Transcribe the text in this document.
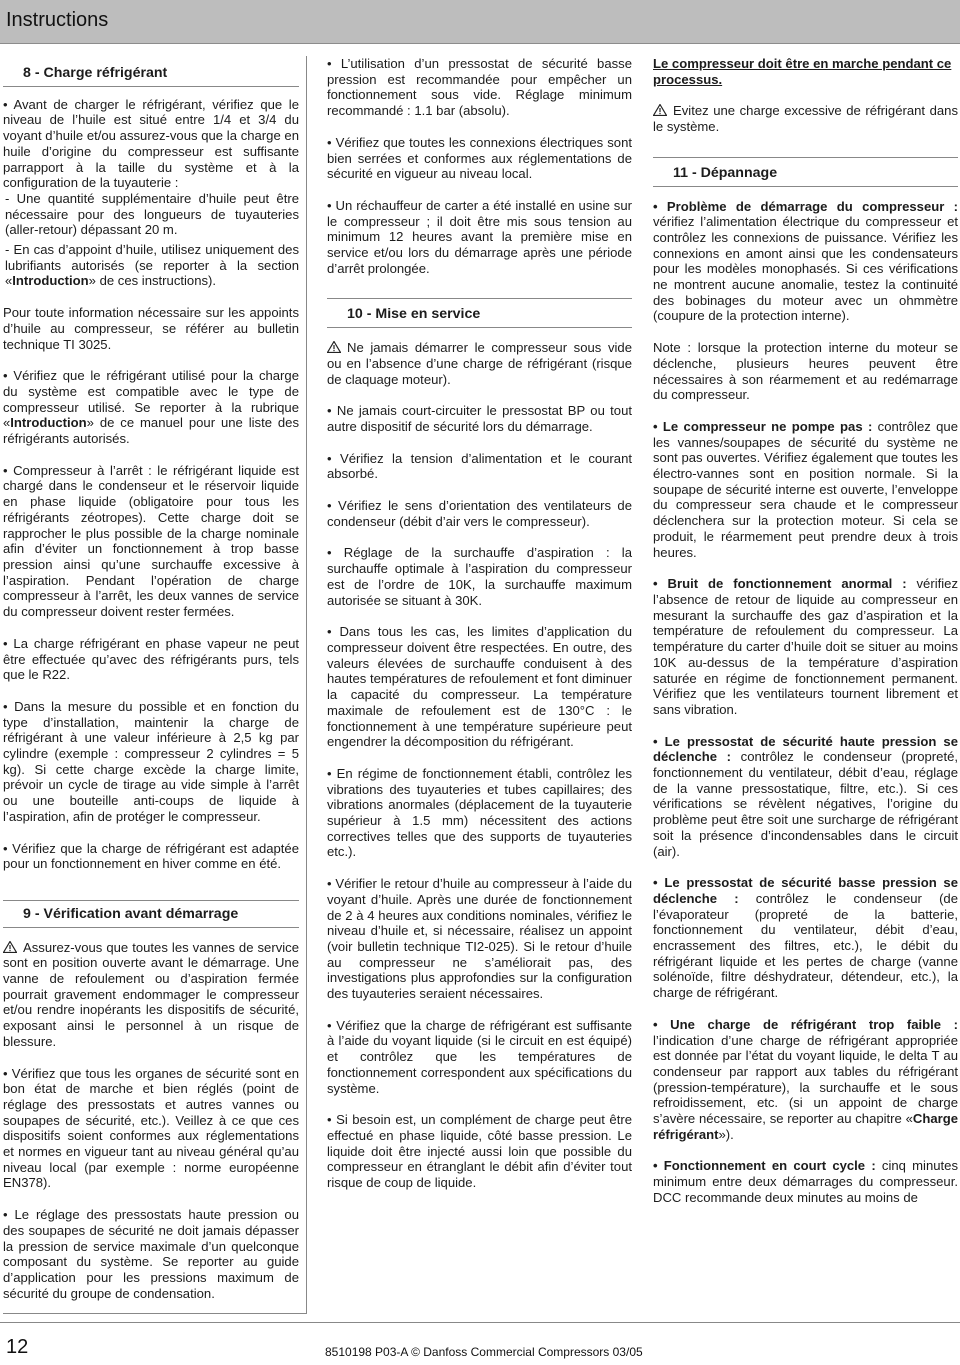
Instructions
8 - Charge réfrigérant

• Avant de charger le réfrigérant, vérifiez que le niveau de l’huile est situé entre 1/4 et 3/4 du voyant d’huile et/ou assurez-vous que la charge en huile d’origine du compresseur est suffisante parrapport à la taille du système et à la configuration de la tuyauterie :

- Une quantité supplémentaire d’huile peut être nécessaire pour des longueurs de tuyauteries (aller-retour) dépassant 20 m.

- En cas d’appoint d’huile, utilisez uniquement des lubrifiants autorisés (se reporter à la section «Introduction» de ces instructions).

Pour toute information nécessaire sur les appoints d’huile au compresseur, se référer au bulletin technique TI 3025.

• Vérifiez que le réfrigérant utilisé pour la charge du système est compatible avec le type de compresseur utilisé. Se reporter à la rubrique «Introduction» de ce manuel pour une liste des réfrigérants autorisés.

• Compresseur à l’arrêt : le réfrigérant liquide est chargé dans le condenseur et le réservoir liquide en phase liquide (obligatoire pour tous les réfrigérants zéotropes). Cette charge doit se rapprocher le plus possible de la charge nominale afin d’éviter un fonctionnement à trop basse pression ainsi qu’une surchauffe excessive à l’aspiration. Pendant l’opération de charge compresseur à l’arrêt, les deux vannes de service du compresseur doivent rester fermées.

• La charge réfrigérant en phase vapeur ne peut être effectuée qu’avec des réfrigérants purs, tels que le R22.

• Dans la mesure du possible et en fonction du type d’installation, maintenir la charge de réfrigérant à une valeur inférieure à 2,5 kg par cylindre (exemple : compresseur 2 cylindres = 5 kg). Si cette charge excède la charge limite, prévoir un cycle de tirage au vide simple à l’arrêt ou une bouteille anti-coups de liquide à l’aspiration, afin de protéger le compresseur.

• Vérifiez que la charge de réfrigérant est adaptée pour un fonctionnement en hiver comme en été.

9 - Vérification avant démarrage

Assurez-vous que toutes les vannes de service sont en position ouverte avant le démarrage. Une vanne de refoulement ou d’aspiration fermée pourrait gravement endommager le compresseur et/ou rendre inopérants les dispositifs de sécurité, exposant ainsi le personnel à un risque de blessure.

• Vérifiez que tous les organes de sécurité sont en bon état de marche et bien réglés (point de réglage des pressostats et autres vannes ou soupapes de sécurité, etc.). Veillez à ce que ces dispositifs soient conformes aux réglementations et normes en vigueur tant au niveau général qu’au niveau local (par exemple : norme européenne EN378).

• Le réglage des pressostats haute pression ou des soupapes de sécurité ne doit jamais dépasser la pression de service maximale d’un quelconque composant du système. Se reporter au guide d’application pour les pressions maximum de sécurité du groupe de condensation.

• L’utilisation d’un pressostat de sécurité basse pression est recommandée pour empêcher un fonctionnement sous vide. Réglage minimum recommandé : 1.1 bar (absolu).

• Vérifiez que toutes les connexions électriques sont bien serrées et conformes aux réglementations de sécurité en vigueur au niveau local.

• Un réchauffeur de carter a été installé en usine sur le compresseur ; il doit être mis sous tension au minimum 12 heures avant la première mise en service et/ou lors du démarrage après une période d’arrêt prolongée.

10 - Mise en service

Ne jamais démarrer le compresseur sous vide ou en l’absence d’une charge de réfrigérant (risque de claquage moteur).

• Ne jamais court-circuiter le pressostat BP ou tout autre dispositif de sécurité lors du démarrage.

• Vérifiez la tension d’alimentation et le courant absorbé.

• Vérifiez le sens d’orientation des ventilateurs de condenseur (débit d’air vers le compresseur).

• Réglage de la surchauffe d’aspiration : la surchauffe optimale à l’aspiration du compresseur est de l’ordre de 10K, la surchauffe maximum autorisée se situant à 30K.

• Dans tous les cas, les limites d’application du compresseur doivent être respectées. En outre, des valeurs élevées de surchauffe conduisent à des hautes températures de refoulement et font diminuer la capacité du compresseur. La température maximale de refoulement est de 130°C : le fonctionnement à une température supérieure peut engendrer la décomposition du réfrigérant.

• En régime de fonctionnement établi, contrôlez les vibrations des tuyauteries et tubes capillaires; des vibrations anormales (déplacement de la tuyauterie supérieur à 1.5 mm) nécessitent des actions correctives telles que des supports de tuyauteries etc.).

• Vérifier le retour d’huile au compresseur à l’aide du voyant d’huile. Après une durée de fonctionnement de 2 à 4 heures aux conditions nominales, vérifiez le niveau d’huile et, si nécessaire, réalisez un appoint (voir bulletin technique TI2-025). Si le retour d’huile au compresseur ne s’améliorait pas, des investigations plus approfondies sur la configuration des tuyauteries seraient nécessaires.

• Vérifiez que la charge de réfrigérant est suffisante à l’aide du voyant liquide (si le circuit en est équipé) et contrôlez que les températures de fonctionnement correspondent aux spécifications du système.

• Si besoin est, un complément de charge peut être effectué en phase liquide, côté basse pression. Le liquide doit être injecté aussi loin que possible du compresseur en étranglant le débit afin d’éviter tout risque de coup de liquide.

Le compresseur doit être en marche pendant ce processus.

Evitez une charge excessive de réfrigérant dans le système.

11 - Dépannage

• Problème de démarrage du compresseur : vérifiez l’alimentation électrique du compresseur et contrôlez les connexions de puissance. Vérifiez les connexions en amont ainsi que les condensateurs pour les modèles monophasés. Si ces vérifications ne montrent aucune anomalie, testez la continuité des bobinages du moteur avec un ohmmètre (coupure de la protection interne).

Note : lorsque la protection interne du moteur se déclenche, plusieurs heures peuvent être nécessaires à son réarmement et au redémarrage du compresseur.

• Le compresseur ne pompe pas : contrôlez que les vannes/soupapes de sécurité du système ne sont pas ouvertes. Vérifiez également que toutes les électro-vannes sont en position normale. Si la soupape de sécurité interne est ouverte, l’enveloppe du compresseur sera chaude et le compresseur déclenchera sur la protection moteur. Si cela se produit, le réarmement peut prendre deux à trois heures.

• Bruit de fonctionnement anormal : vérifiez l’absence de retour de liquide au compresseur en mesurant la surchauffe des gaz d’aspiration et la température de refoulement du compresseur. La température du carter d’huile doit se situer au moins 10K au-dessus de la température d’aspiration saturée en régime de fonctionnement permanent. Vérifiez que les ventilateurs tournent librement et sans vibration.

• Le pressostat de sécurité haute pression se déclenche : contrôlez le condenseur (propreté, fonctionnement du ventilateur, débit d’eau, réglage de la vanne pressostatique, filtre, etc.). Si ces vérifications se révèlent négatives, l’origine du problème peut être soit une surcharge de réfrigérant soit la présence d’incondensables dans le circuit (air).

• Le pressostat de sécurité basse pression se déclenche : contrôlez le condenseur (de l’évaporateur (propreté de la batterie, fonctionnement du ventilateur, débit d’eau, encrassement des filtres, etc.), le débit du réfrigérant liquide et les pertes de charge (vanne solénoïde, filtre déshydrateur, détendeur, etc.), la charge de réfrigérant.

• Une charge de réfrigérant trop faible : l’indication d’une charge de réfrigérant appropriée est donnée par l’état du voyant liquide, le delta T au condenseur par rapport aux tables du réfrigérant (pression-température), la surchauffe et le sous refroidissement, etc. (si un appoint de charge s’avère nécessaire, se reporter au chapitre «Charge réfrigérant»).

• Fonctionnement en court cycle : cinq minutes minimum entre deux démarrages du compresseur. DCC recommande deux minutes au moins de

12	8510198 P03-A © Danfoss Commercial Compressors 03/05
